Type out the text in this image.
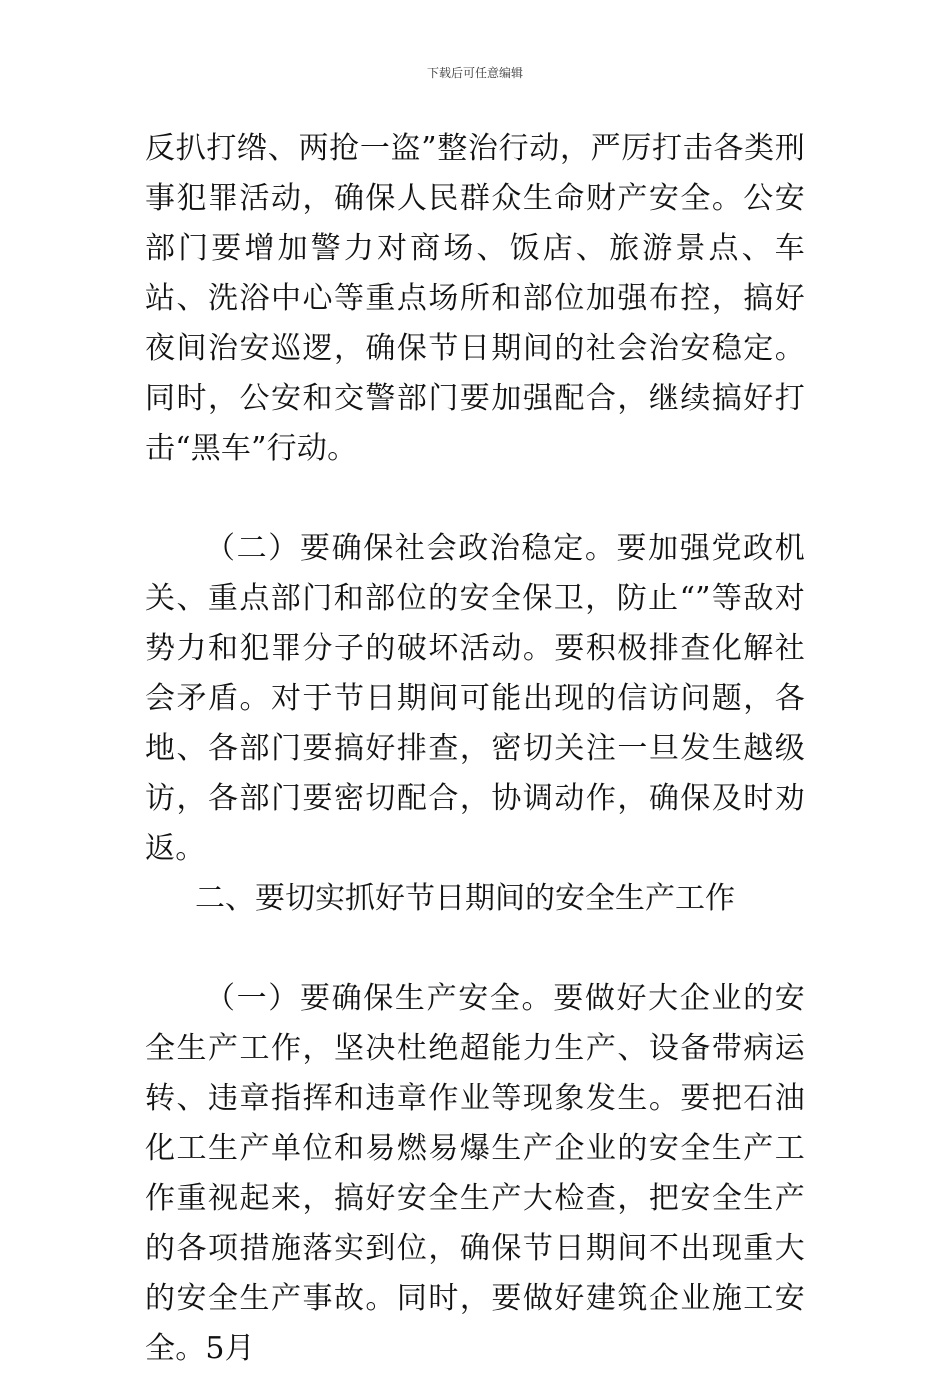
下载后可任意编辑

反扒打绺、两抢一盗”整治行动，严厉打击各类刑事犯罪活动，确保人民群众生命财产安全。公安部门要增加警力对商场、饭店、旅游景点、车站、洗浴中心等重点场所和部位加强布控，搞好夜间治安巡逻，确保节日期间的社会治安稳定。同时，公安和交警部门要加强配合，继续搞好打击“黑车”行动。

（二）要确保社会政治稳定。要加强党政机关、重点部门和部位的安全保卫，防止“”等敌对势力和犯罪分子的破坏活动。要积极排查化解社会矛盾。对于节日期间可能出现的信访问题，各地、各部门要搞好排查，密切关注一旦发生越级访，各部门要密切配合，协调动作，确保及时劝返。

二、要切实抓好节日期间的安全生产工作

（一）要确保生产安全。要做好大企业的安全生产工作，坚决杜绝超能力生产、设备带病运转、违章指挥和违章作业等现象发生。要把石油化工生产单位和易燃易爆生产企业的安全生产工作重视起来，搞好安全生产大检查，把安全生产的各项措施落实到位，确保节日期间不出现重大的安全生产事故。同时，要做好建筑企业施工安全。5月
